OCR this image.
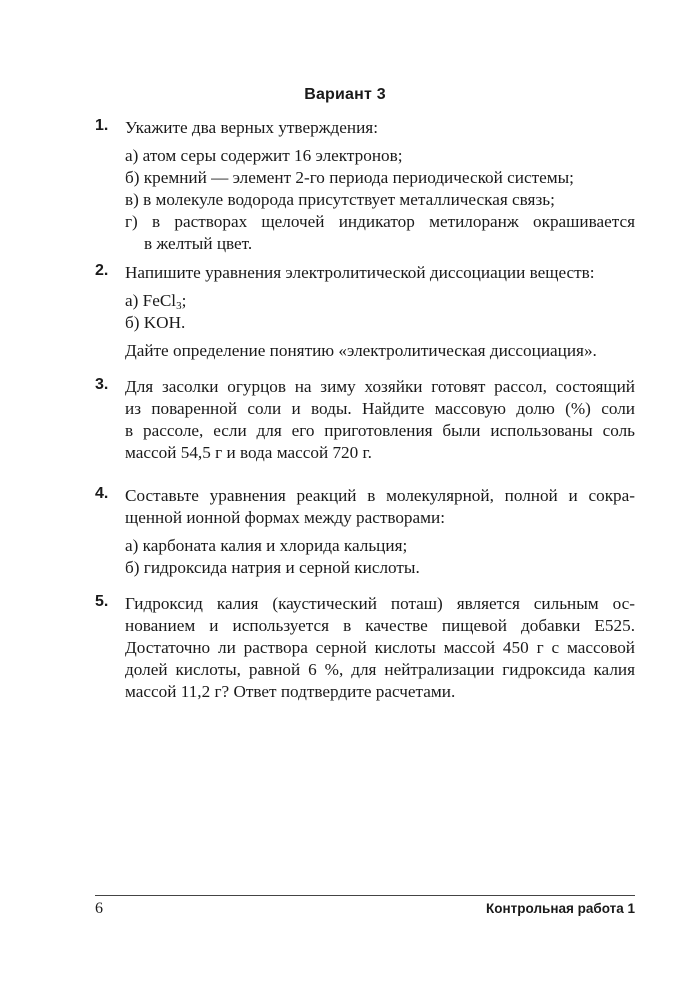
Вариант 3
1. Укажите два верных утверждения:
а) атом серы содержит 16 электронов;
б) кремний — элемент 2-го периода периодической системы;
в) в молекуле водорода присутствует металлическая связь;
г) в растворах щелочей индикатор метилоранж окрашивается
в желтый цвет.
2. Напишите уравнения электролитической диссоциации веществ:
а) FeCl$_3$;
б) KOH.
Дайте определение понятию «электролитическая диссоциация».
3. Для засолки огурцов на зиму хозяйки готовят рассол, состоящий
из поваренной соли и воды. Найдите массовую долю (%) соли
в рассоле, если для его приготовления были использованы соль
массой 54,5 г и вода массой 720 г.
4. Составьте уравнения реакций в молекулярной, полной и сокра-
щенной ионной формах между растворами:
а) карбоната калия и хлорида кальция;
б) гидроксида натрия и серной кислоты.
5. Гидроксид калия (каустический поташ) является сильным ос-
нованием и используется в качестве пищевой добавки E525.
Достаточно ли раствора серной кислоты массой 450 г с массовой
долей кислоты, равной 6 %, для нейтрализации гидроксида калия
массой 11,2 г? Ответ подтвердите расчетами.
6	Контрольная работа 1
